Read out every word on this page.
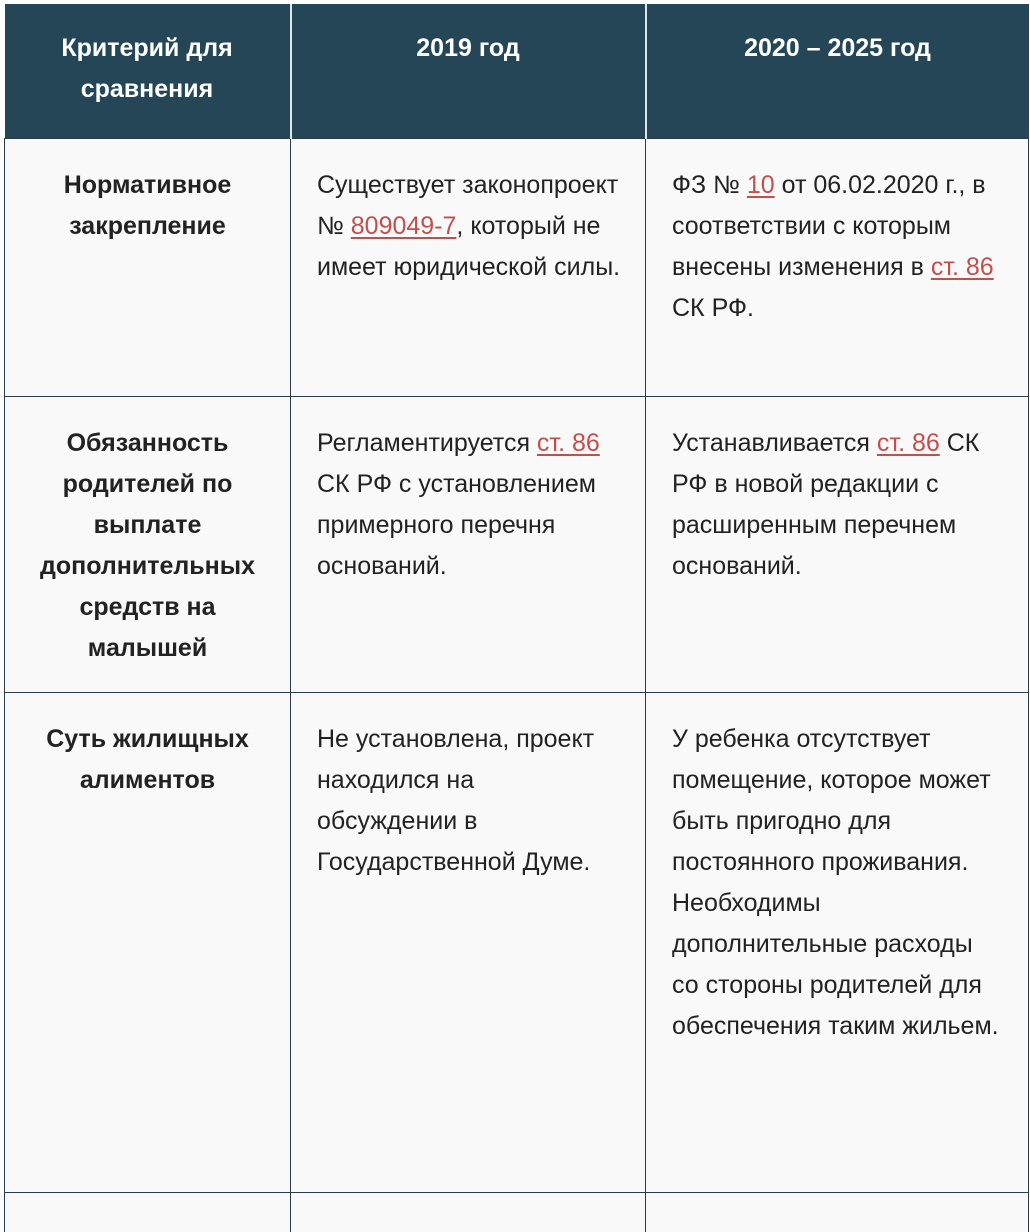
Критерий для сравнения	2019 год	2020 – 2025 год
Нормативное закрепление	Существует законопроект № 809049-7, который не имеет юридической силы.	ФЗ № 10 от 06.02.2020 г., в соответствии с которым внесены изменения в ст. 86 СК РФ.
Обязанность родителей по выплате дополнительных средств на малышей	Регламентируется ст. 86 СК РФ с установлением примерного перечня оснований.	Устанавливается ст. 86 СК РФ в новой редакции с расширенным перечнем оснований.
Суть жилищных алиментов	Не установлена, проект находился на обсуждении в Государственной Думе.	У ребенка отсутствует помещение, которое может быть пригодно для постоянного проживания. Необходимы дополнительные расходы со стороны родителей для обеспечения таким жильем.
